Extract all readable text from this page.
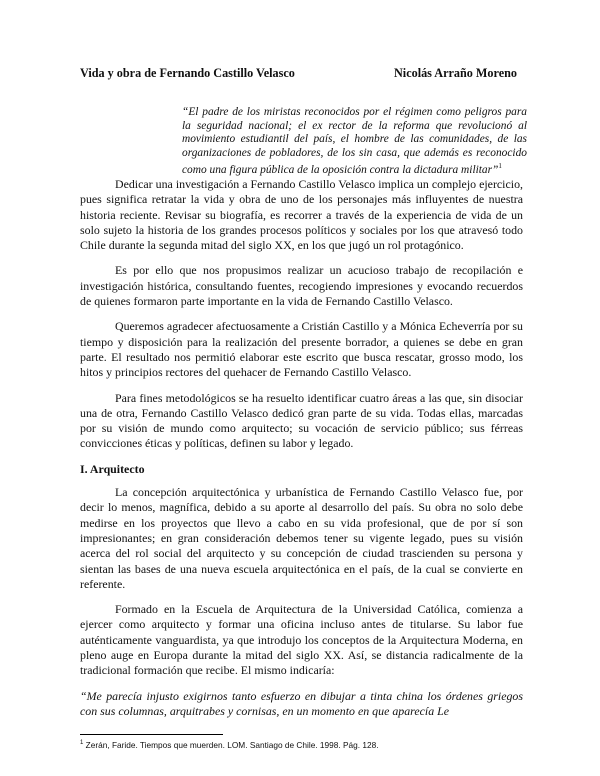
Vida y obra de Fernando Castillo Velasco	Nicolás Arraño Moreno
“El padre de los miristas reconocidos por el régimen como peligros para la seguridad nacional; el ex rector de la reforma que revolucionó al movimiento estudiantil del país, el hombre de las comunidades, de las organizaciones de pobladores, de los sin casa, que además es reconocido como una figura pública de la oposición contra la dictadura militar”$^1$

Dedicar una investigación a Fernando Castillo Velasco implica un complejo ejercicio, pues significa retratar la vida y obra de uno de los personajes más influyentes de nuestra historia reciente. Revisar su biografía, es recorrer a través de la experiencia de vida de un solo sujeto la historia de los grandes procesos políticos y sociales por los que atravesó todo Chile durante la segunda mitad del siglo XX, en los que jugó un rol protagónico.

Es por ello que nos propusimos realizar un acucioso trabajo de recopilación e investigación histórica, consultando fuentes, recogiendo impresiones y evocando recuerdos de quienes formaron parte importante en la vida de Fernando Castillo Velasco.

Queremos agradecer afectuosamente a Cristián Castillo y a Mónica Echeverría por su tiempo y disposición para la realización del presente borrador, a quienes se debe en gran parte. El resultado nos permitió elaborar este escrito que busca rescatar, grosso modo, los hitos y principios rectores del quehacer de Fernando Castillo Velasco.

Para fines metodológicos se ha resuelto identificar cuatro áreas a las que, sin disociar una de otra, Fernando Castillo Velasco dedicó gran parte de su vida. Todas ellas, marcadas por su visión de mundo como arquitecto; su vocación de servicio público; sus férreas convicciones éticas y políticas, definen su labor y legado.

I. Arquitecto

La concepción arquitectónica y urbanística de Fernando Castillo Velasco fue, por decir lo menos, magnífica, debido a su aporte al desarrollo del país. Su obra no solo debe medirse en los proyectos que llevo a cabo en su vida profesional, que de por sí son impresionantes; en gran consideración debemos tener su vigente legado, pues su visión acerca del rol social del arquitecto y su concepción de ciudad trascienden su persona y sientan las bases de una nueva escuela arquitectónica en el país, de la cual se convierte en referente.

Formado en la Escuela de Arquitectura de la Universidad Católica, comienza a ejercer como arquitecto y formar una oficina incluso antes de titularse. Su labor fue auténticamente vanguardista, ya que introdujo los conceptos de la Arquitectura Moderna, en pleno auge en Europa durante la mitad del siglo XX. Así, se distancia radicalmente de la tradicional formación que recibe. El mismo indicaría:

“Me parecía injusto exigirnos tanto esfuerzo en dibujar a tinta china los órdenes griegos con sus columnas, arquitrabes y cornisas, en un momento en que aparecía Le

$^1$ Zerán, Faride. Tiempos que muerden. LOM. Santiago de Chile. 1998. Pág. 128.
